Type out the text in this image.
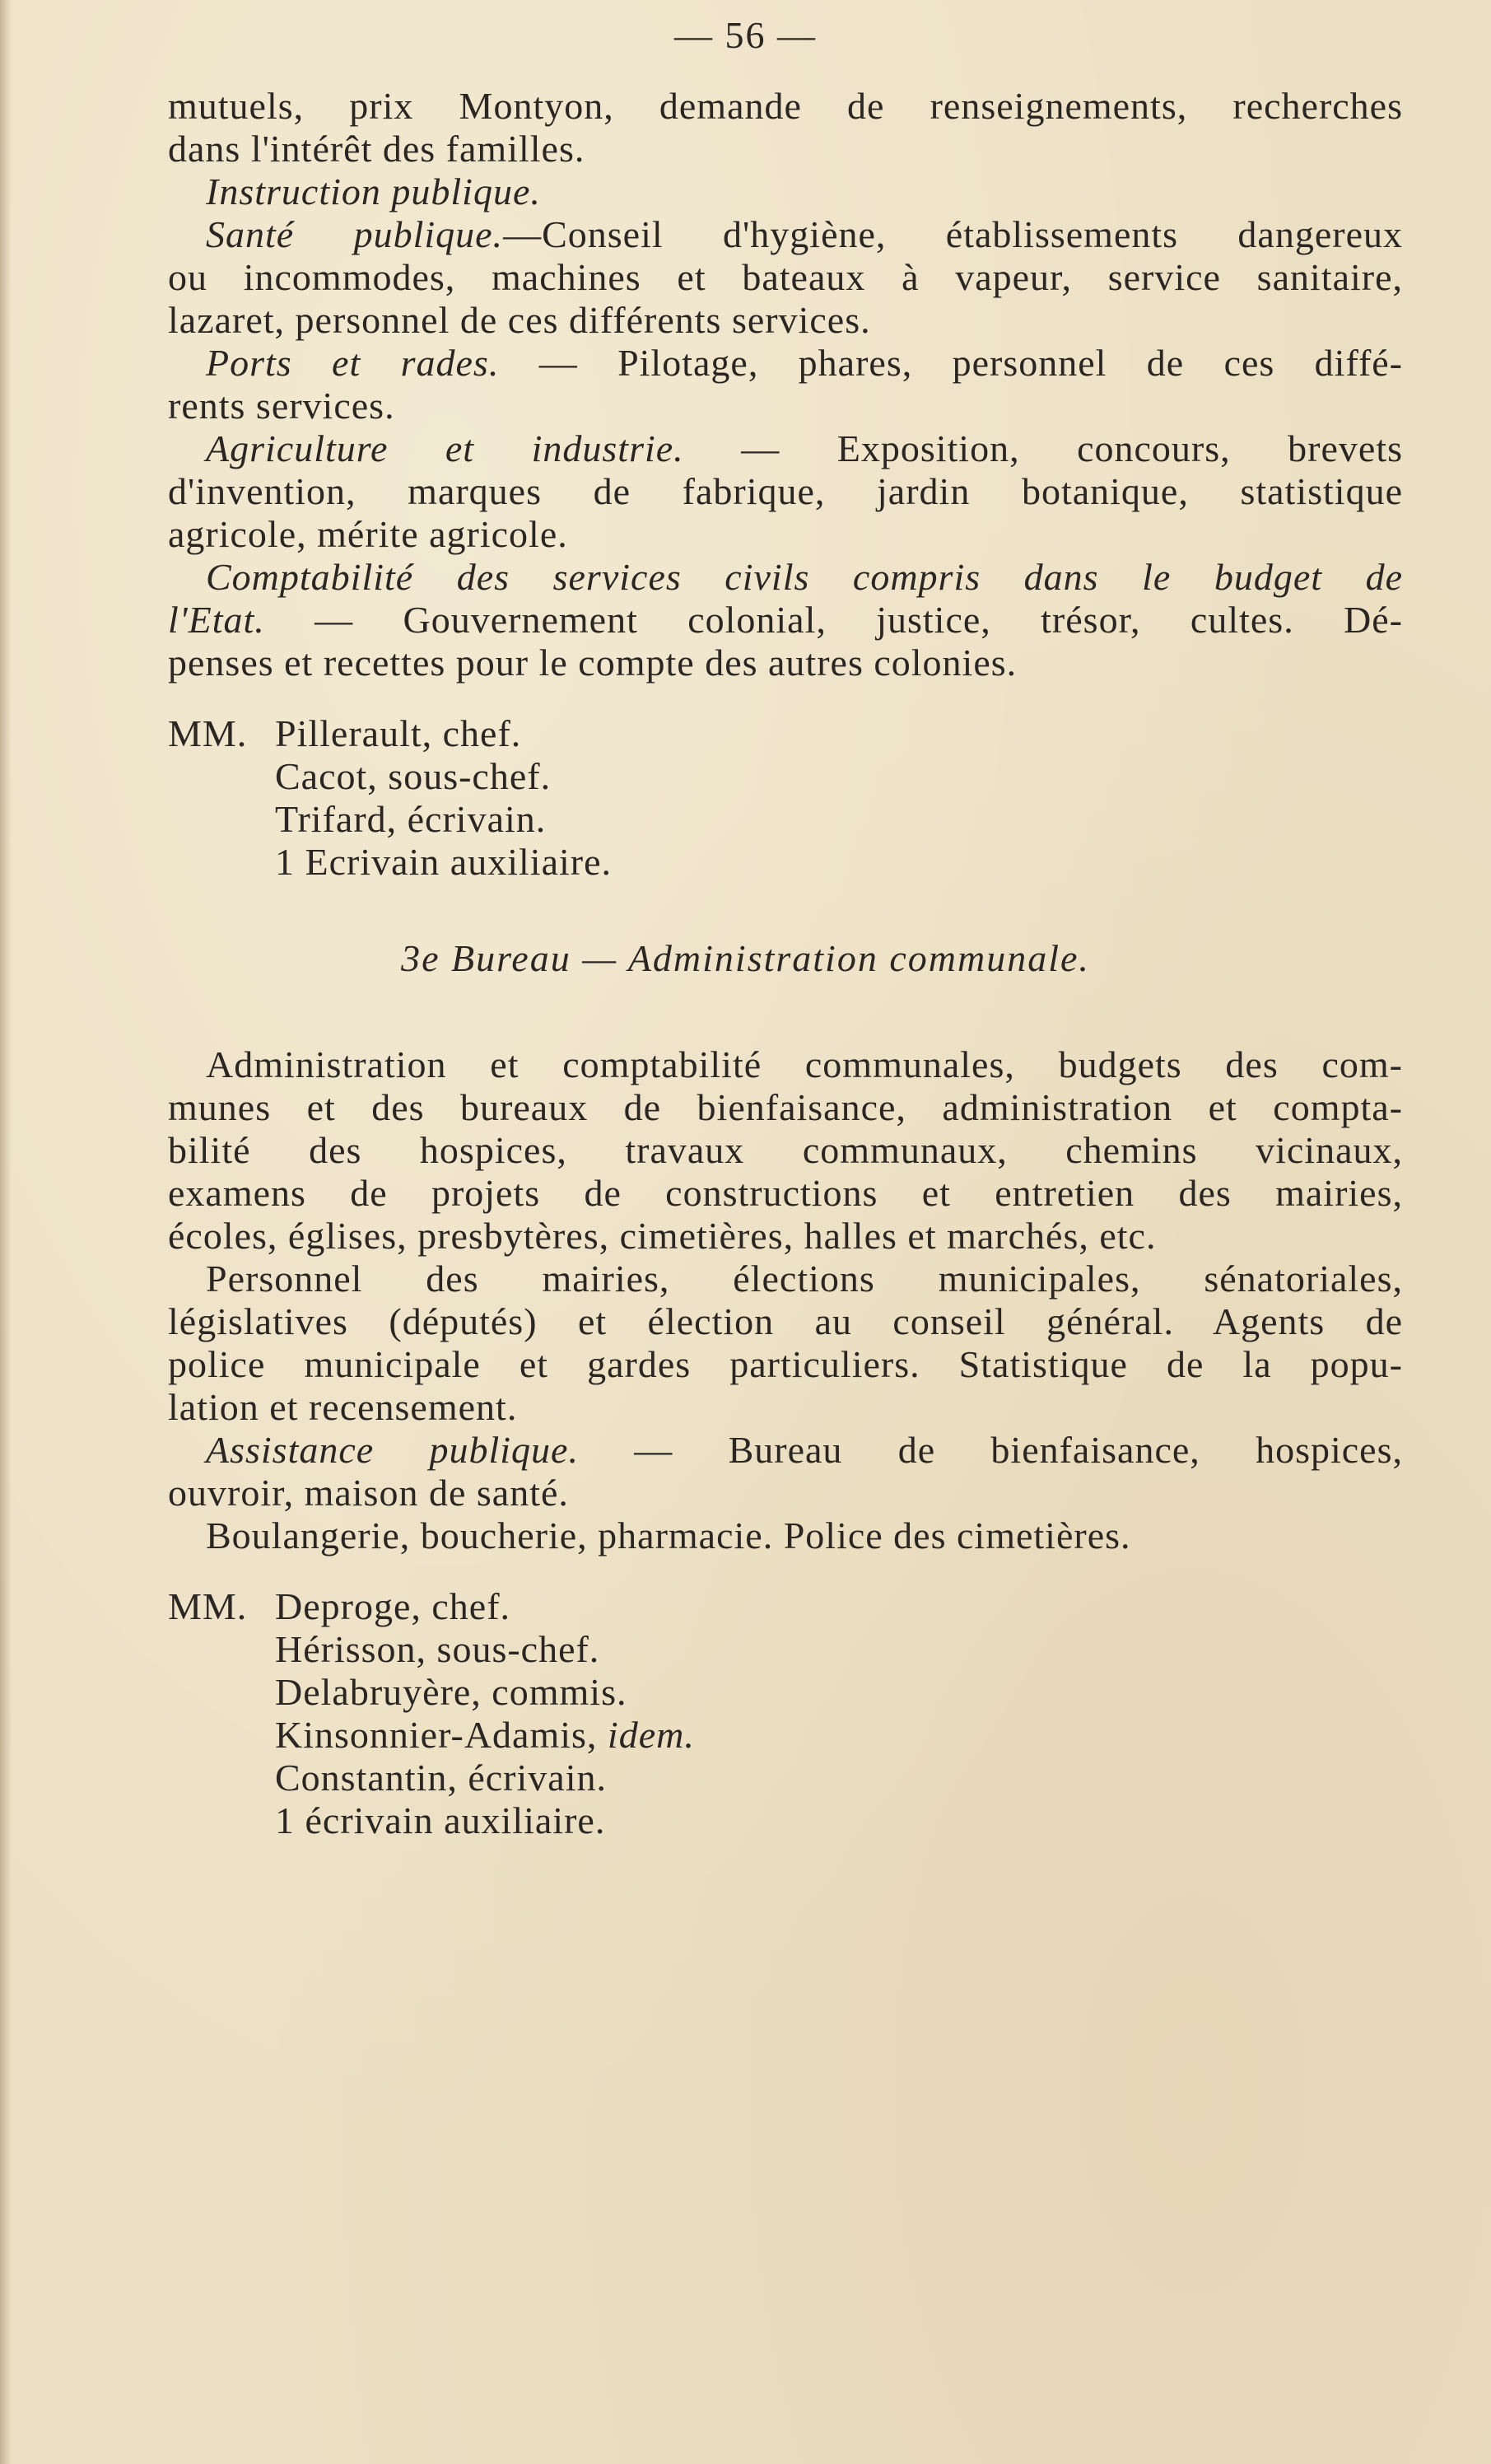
— 56 —
mutuels, prix Montyon, demande de renseignements, recherches
dans l'intérêt des familles.
Instruction publique.
Santé publique.—Conseil d'hygiène, établissements dangereux
ou incommodes, machines et bateaux à vapeur, service sanitaire,
lazaret, personnel de ces différents services.
Ports et rades. — Pilotage, phares, personnel de ces diffé-
rents services.
Agriculture et industrie. — Exposition, concours, brevets
d'invention, marques de fabrique, jardin botanique, statistique
agricole, mérite agricole.
Comptabilité des services civils compris dans le budget de
l'Etat. — Gouvernement colonial, justice, trésor, cultes. Dé-
penses et recettes pour le compte des autres colonies.
MM. Pillerault, chef.
Cacot, sous-chef.
Trifard, écrivain.
1 Ecrivain auxiliaire.
3e Bureau — Administration communale.
Administration et comptabilité communales, budgets des com-
munes et des bureaux de bienfaisance, administration et compta-
bilité des hospices, travaux communaux, chemins vicinaux,
examens de projets de constructions et entretien des mairies,
écoles, églises, presbytères, cimetières, halles et marchés, etc.
Personnel des mairies, élections municipales, sénatoriales,
législatives (députés) et élection au conseil général. Agents de
police municipale et gardes particuliers. Statistique de la popu-
lation et recensement.
Assistance publique. — Bureau de bienfaisance, hospices,
ouvroir, maison de santé.
Boulangerie, boucherie, pharmacie. Police des cimetières.
MM. Deproge, chef.
Hérisson, sous-chef.
Delabruyère, commis.
Kinsonnier-Adamis, idem.
Constantin, écrivain.
1 écrivain auxiliaire.
